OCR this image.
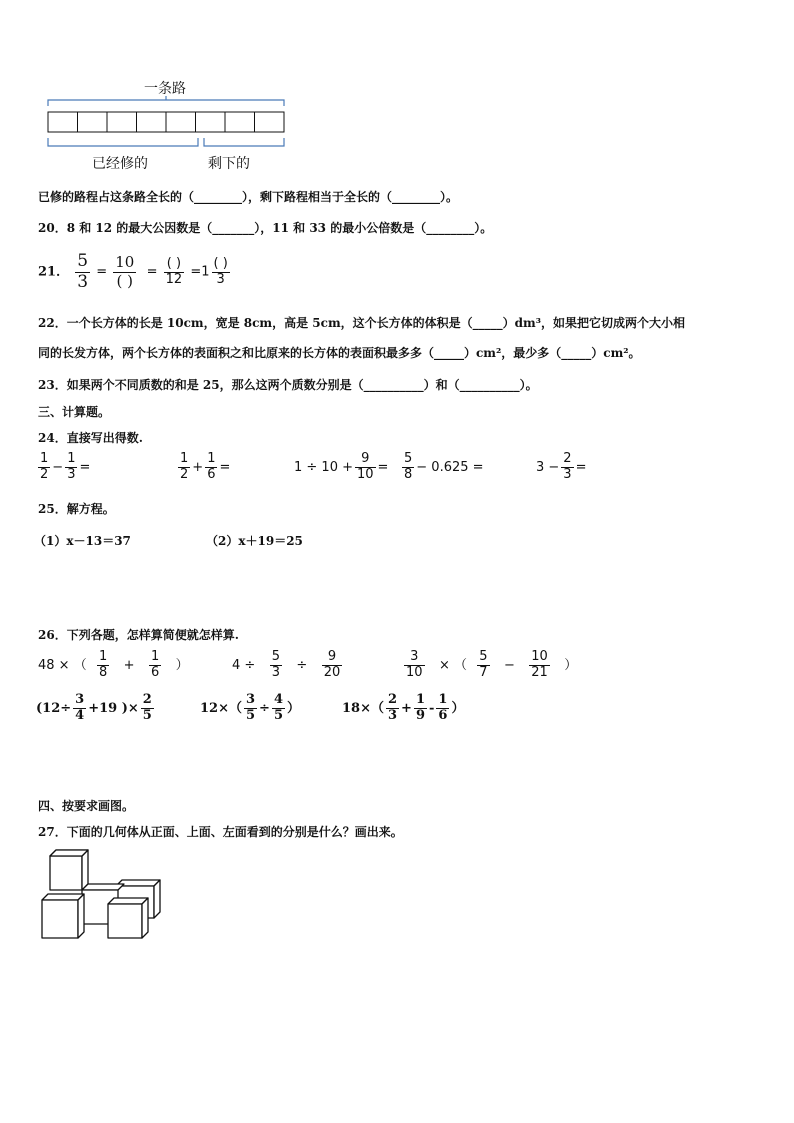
一条路
已经修的	剩下的
已修的路程占这条路全长的（________），剩下路程相当于全长的（________）。
20．8 和 12 的最大公因数是（_______），11 和 33 的最小公倍数是（________）。
21． $\frac{5}{3} = \frac{10}{( )} = \frac{( )}{12} =1 \frac{( )}{3}$
22．一个长方体的长是 10cm，宽是 8cm，高是 5cm，这个长方体的体积是（_____）dm³，如果把它切成两个大小相
同的长发方体，两个长方体的表面积之和比原来的长方体的表面积最多多（_____）cm²，最少多（_____）cm²。
23．如果两个不同质数的和是 25，那么这两个质数分别是（__________）和（__________）。
三、计算题。
24．直接写出得数.
$\frac{1}{2} - \frac{1}{3}$ =	$\frac{1}{2} + \frac{1}{6}$ =	$1 \div 10 + \frac{9}{10} = \frac{5}{8} - 0.625$ =	$3 - \frac{2}{3}$ =
25．解方程。
（1）x－13＝37	（2）x＋19＝25
26．下列各题，怎样算简便就怎样算.
48 × （ $\frac{1}{8} + \frac{1}{6}$ ）	$4 \div \frac{5}{3} \div \frac{9}{20}$	$\frac{3}{10}$ × （ $\frac{5}{7} - \frac{10}{21}$ ）
($12\div \frac{3}{4} +19$ )× $\frac{2}{5}$	$12\times( \frac{3}{5} \div \frac{4}{5}$ ）	$18\times( \frac{2}{3} + \frac{1}{9} - \frac{1}{6}$ ）
四、按要求画图。
27．下面的几何体从正面、上面、左面看到的分别是什么？画出来。
